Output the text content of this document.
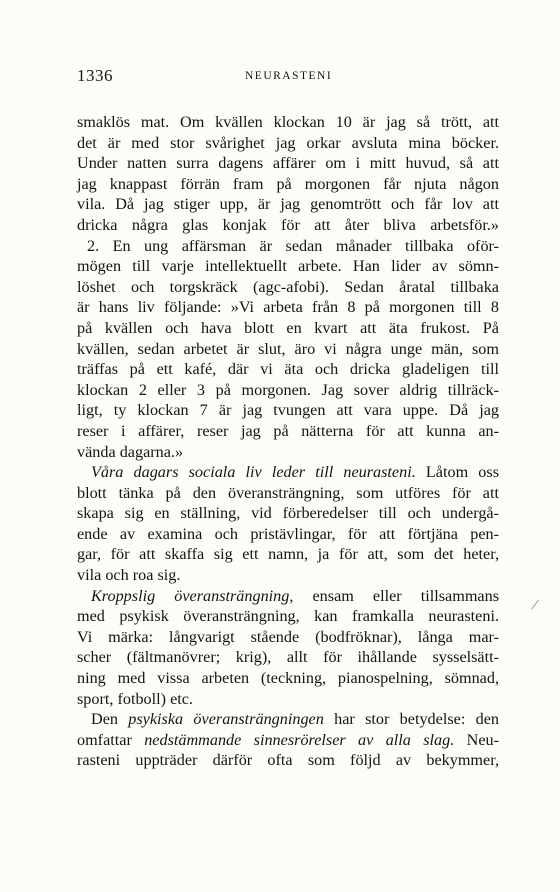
1336	NEURASTENI
smaklös mat. Om kvällen klockan 10 är jag så trött, att
det är med stor svårighet jag orkar avsluta mina böcker.
Under natten surra dagens affärer om i mitt huvud, så att
jag knappast förrän fram på morgonen får njuta någon
vila. Då jag stiger upp, är jag genomtrött och får lov att
dricka några glas konjak för att åter bliva arbetsför.»
2. En ung affärsman är sedan månader tillbaka oför-
mögen till varje intellektuellt arbete. Han lider av sömn-
löshet och torgskräck (agc-afobi). Sedan åratal tillbaka
är hans liv följande: »Vi arbeta från 8 på morgonen till 8
på kvällen och hava blott en kvart att äta frukost. På
kvällen, sedan arbetet är slut, äro vi några unge män, som
träffas på ett kafé, där vi äta och dricka gladeligen till
klockan 2 eller 3 på morgonen. Jag sover aldrig tillräck-
ligt, ty klockan 7 är jag tvungen att vara uppe. Då jag
reser i affärer, reser jag på nätterna för att kunna an-
vända dagarna.»
Våra dagars sociala liv leder till neurasteni. Låtom oss
blott tänka på den överansträngning, som utföres för att
skapa sig en ställning, vid förberedelser till och undergå-
ende av examina och pristävlingar, för att förtjäna pen-
gar, för att skaffa sig ett namn, ja för att, som det heter,
vila och roa sig.
Kroppslig överansträngning, ensam eller tillsammans
med psykisk överansträngning, kan framkalla neurasteni.
Vi märka: långvarigt stående (bodfröknar), långa mar-
scher (fältmanövrer; krig), allt för ihållande sysselsätt-
ning med vissa arbeten (teckning, pianospelning, sömnad,
sport, fotboll) etc.
Den psykiska överansträngningen har stor betydelse: den
omfattar nedstämmande sinnesrörelser av alla slag. Neu-
rasteni uppträder därför ofta som följd av bekymmer,
⁄
